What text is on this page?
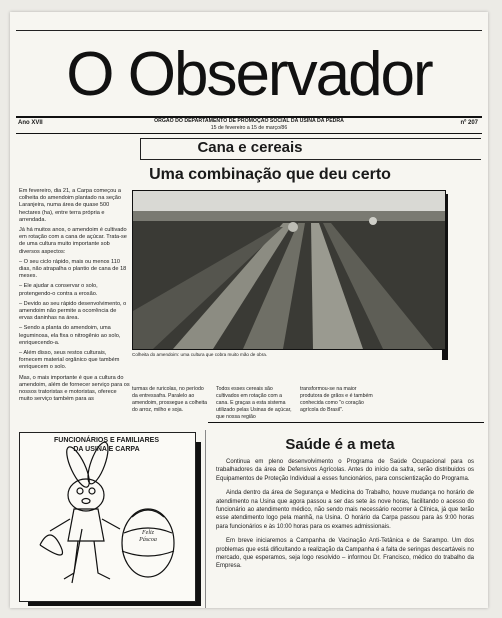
O Observador
Ano XVII	ÓRGÃO DO DEPARTAMENTO DE PROMOÇÃO SOCIAL DA USINA DA PEDRA
15 de fevereiro a 15 de março/86
nº 207
Cana e cereais
Uma combinação que deu certo

Em fevereiro, dia 21, a Carpa começou a colheita do amendoim plantado na seção Laranjeira, numa área de quase 500 hectares (ha), entre terra própria e arrendada.

Já há muitos anos, o amendoim é cultivado em rotação com a cana de açúcar. Trata-se de uma cultura muito importante sob diversos aspectos:

– O seu ciclo rápido, mais ou menos 110 dias, não atrapalha o plantio de cana de 18 meses.

– Ele ajudar a conservar o solo, protengendo-o contra a erosão.

– Devido ao seu rápido desenvolvimento, o amendoim não permite a ocorrência de ervas daninhas na área.

– Sendo a planta do amendoim, uma leguminosa, ela fixa o nitrogênio ao solo, enriquecendo-a.

– Além disso, seus restos culturais, fornecem material orgânico que também enriquecem o solo.

Mas, o mais importante é que a cultura do amendoim, além de fornecer serviço para os nossos tratoristas e motoristas, oferece muito serviço também para as

Colheita do amendoim: uma cultura que cobra muito mão de obra.
turmas de ruricolas, no período da entressafra. Paralelo ao amendoim, prossegue a colheita do arroz, milho e soja.
Todos esses cereais são cultivados em rotação com a cana. E graças a esta sistema utilizado pelas Usinas de açúcar, que nossa região
transformou-se na maior produtora de grãos e é também conhecida como "o coração agrícola do Brasil".
FUNCIONÁRIOS E FAMILIARES
DA USINA E CARPA
Feliz
Páscoa
Saúde é a meta

Continua em pleno desenvolvimento o Programa de Saúde Ocupacional para os trabalhadores da área de Defensivos Agrícolas. Antes do início da safra, serão distribuidos os Equipamentos de Proteção Individual a esses funcionários, para conscientização do Programa.

Ainda dentro da área de Segurança e Medicina do Trabalho, houve mudança no horário de atendimento na Usina que agora passou a ser das sete às nove horas, facilitando o acesso do funcionário ao atendimento médico, não sendo mais necessário recorrer à Clínica, já que terão esse atendimento logo pela manhã, na Usina. O horário da Carpa passou para às 9:00 horas para funcionários e às 10:00 horas para os exames admissionais.

Em breve iniciaremos a Campanha de Vacinação Anti-Tetânica e de Sarampo. Um dos problemas que está dificultando a realização da Campanha é a falta de seringas descartáveis no mercado, que esperamos, seja logo resolvido – informou Dr. Francisco, médico do trabalho da Empresa.
